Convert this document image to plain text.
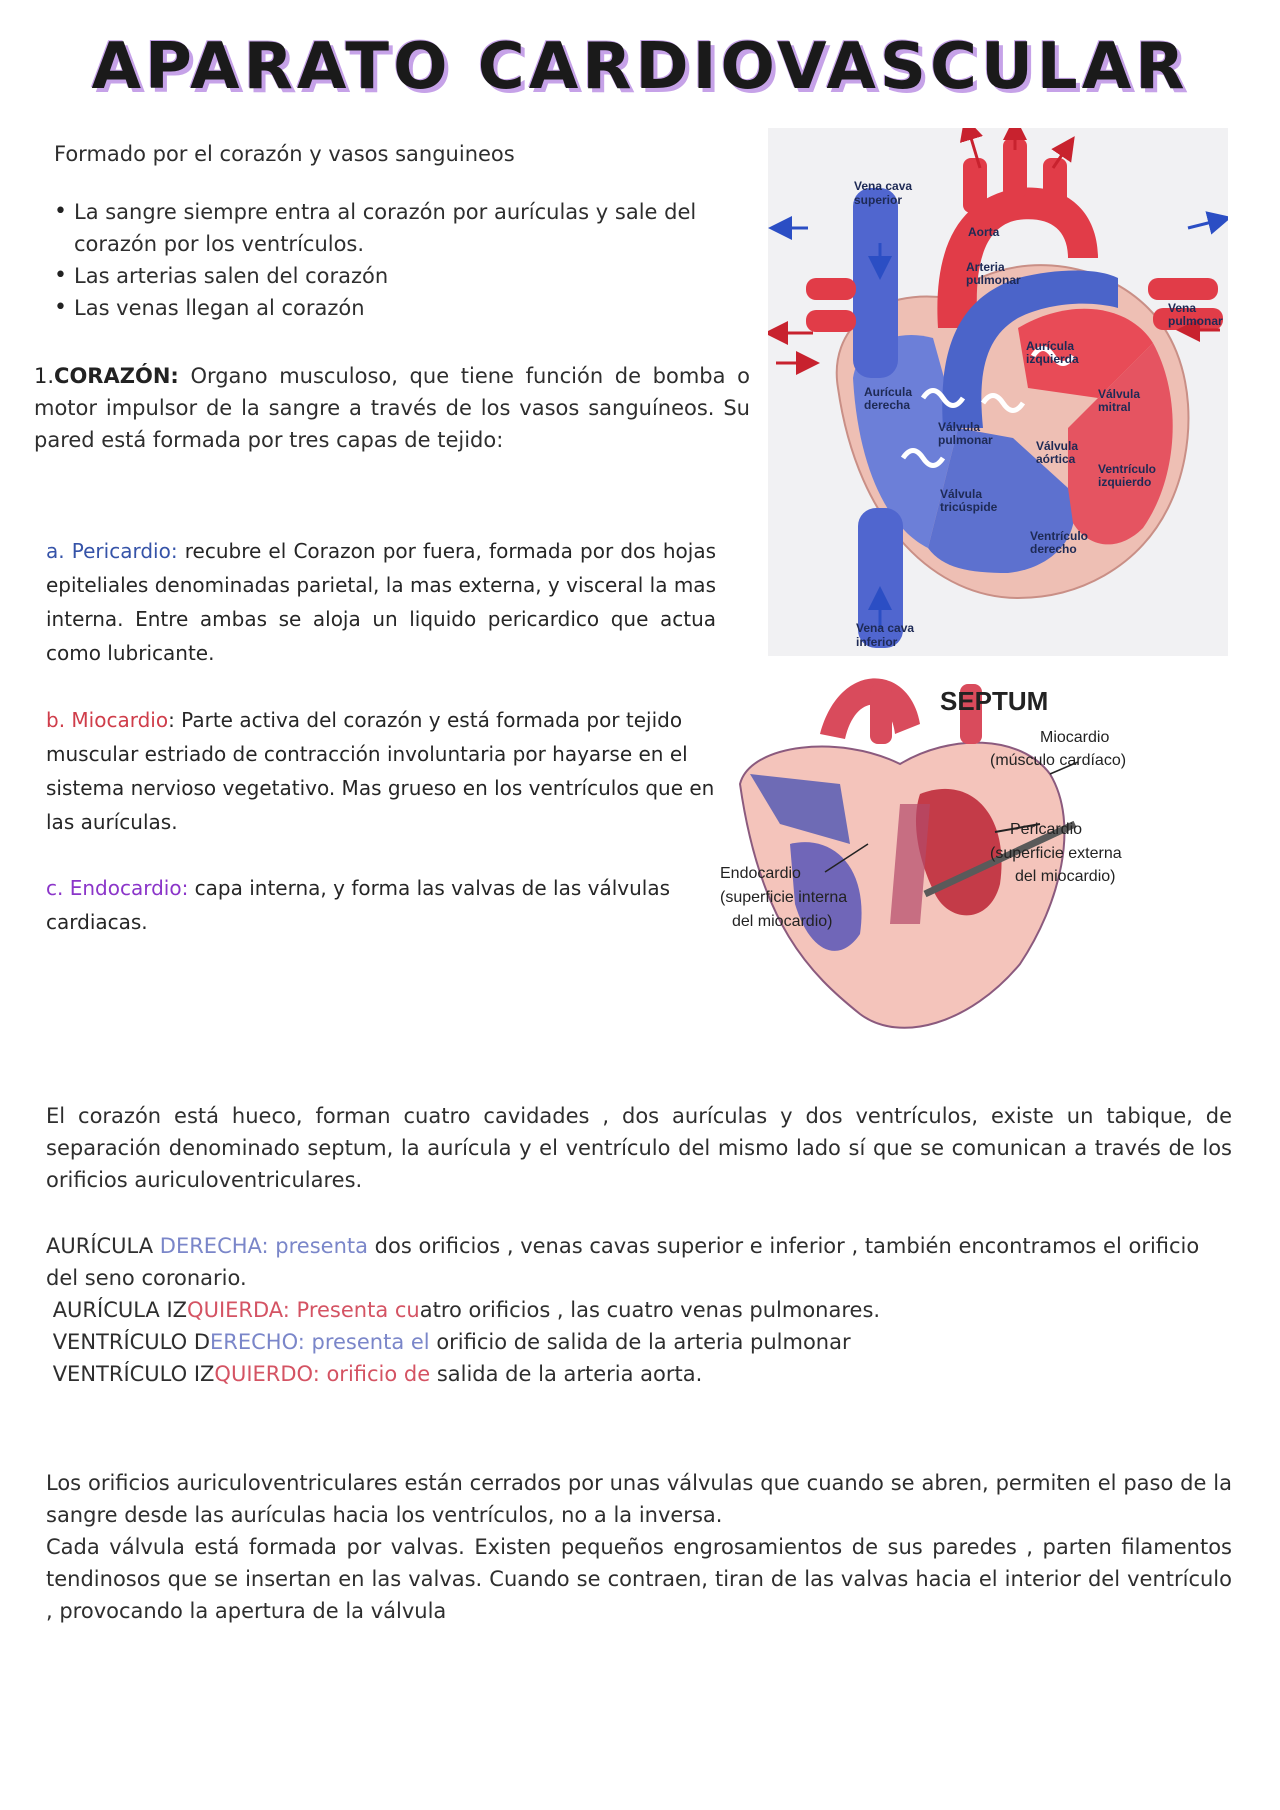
APARATO CARDIOVASCULAR

Formado por el corazón y vasos sanguineos

• La sangre siempre entra al corazón por aurículas y sale del corazón por los ventrículos.
• Las arterias salen del corazón
• Las venas llegan al corazón

1.CORAZÓN: Organo musculoso, que tiene función de bomba o motor impulsor de la sangre a través de los vasos sanguíneos. Su pared está formada por tres capas de tejido:

a. Pericardio: recubre el Corazon por fuera, formada por dos hojas epiteliales denominadas parietal, la mas externa, y visceral la mas interna. Entre ambas se aloja un liquido pericardico que actua como lubricante.

b. Miocardio: Parte activa del corazón y está formada por tejido muscular estriado de contracción involuntaria por hayarse en el sistema nervioso vegetativo. Mas grueso en los ventrículos que en las aurículas.

c. Endocardio: capa interna, y forma las valvas de las válvulas cardiacas.

Vena cava
superior
Aorta
Arteria
pulmonar
Vena
pulmonar
Aurícula
izquierda
Aurícula
derecha
Válvula
mitral
Válvula
pulmonar	Válvula
aórtica
Ventrículo
izquierdo
Válvula
tricúspide
Ventrículo
derecho
Vena cava
inferior
SEPTUM
Miocardio
(músculo cardíaco)
Pericardio
(superficie externa
del miocardio)
Endocardio
(superficie interna
del miocardio)

El corazón está hueco, forman cuatro cavidades , dos aurículas y dos ventrículos, existe un tabique, de separación denominado septum, la aurícula y el ventrículo del mismo lado sí que se comunican a través de los orificios auriculoventriculares.

AURÍCULA DERECHA: presenta dos orificios , venas cavas superior e inferior , también encontramos el orificio del seno coronario.

AURÍCULA IZQUIERDA: Presenta cuatro orificios , las cuatro venas pulmonares.

VENTRÍCULO DERECHO: presenta el orificio de salida de la arteria pulmonar

VENTRÍCULO IZQUIERDO: orificio de salida de la arteria aorta.

Los orificios auriculoventriculares están cerrados por unas válvulas que cuando se abren, permiten el paso de la sangre desde las aurículas hacia los ventrículos, no a la inversa.

Cada válvula está formada por valvas. Existen pequeños engrosamientos de sus paredes , parten filamentos tendinosos que se insertan en las valvas. Cuando se contraen, tiran de las valvas hacia el interior del ventrículo , provocando la apertura de la válvula
